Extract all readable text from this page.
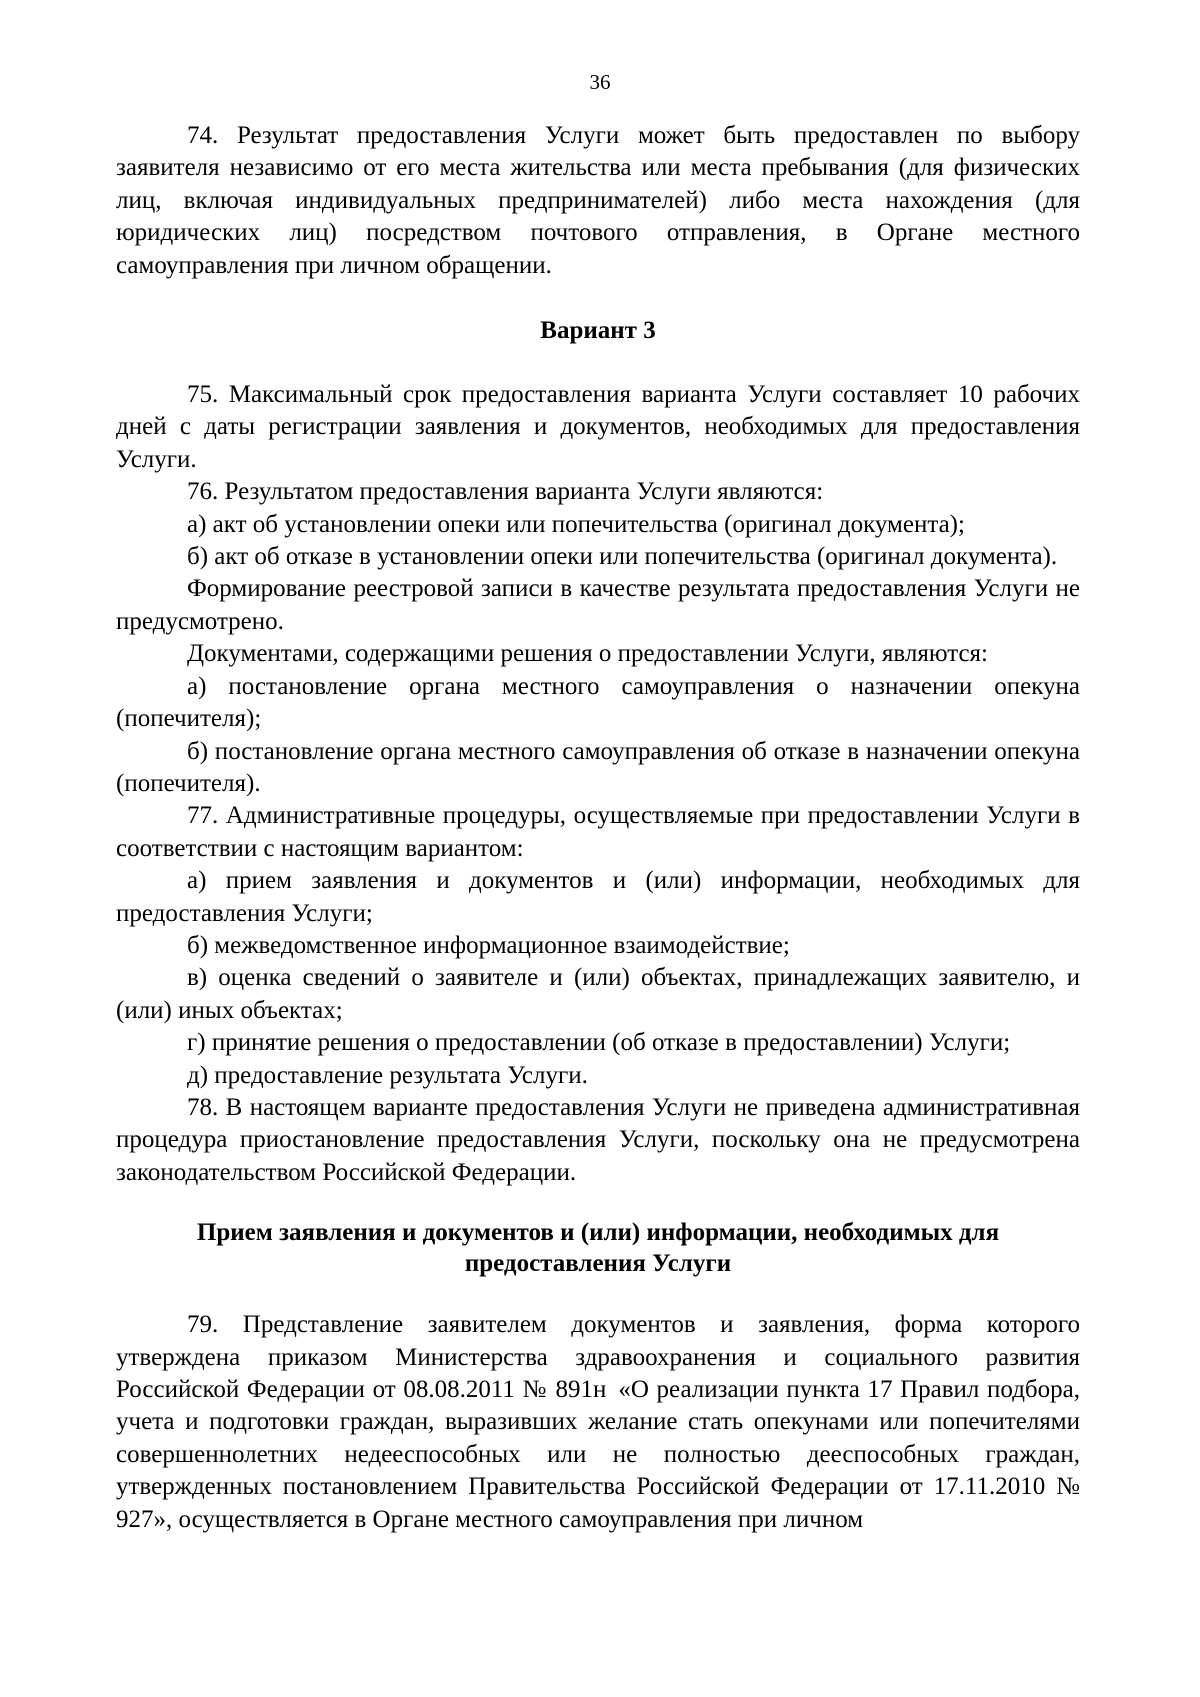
36

74. Результат предоставления Услуги может быть предоставлен по выбору заявителя независимо от его места жительства или места пребывания (для физических лиц, включая индивидуальных предпринимателей) либо места нахождения (для юридических лиц) посредством почтового отправления, в Органе местного самоуправления при личном обращении.

Вариант 3

75. Максимальный срок предоставления варианта Услуги составляет 10 рабочих дней с даты регистрации заявления и документов, необходимых для предоставления Услуги.

76. Результатом предоставления варианта Услуги являются:

а) акт об установлении опеки или попечительства (оригинал документа);

б) акт об отказе в установлении опеки или попечительства (оригинал документа).

Формирование реестровой записи в качестве результата предоставления Услуги не предусмотрено.

Документами, содержащими решения о предоставлении Услуги, являются:

а) постановление органа местного самоуправления о назначении опекуна (попечителя);

б) постановление органа местного самоуправления об отказе в назначении опекуна (попечителя).

77. Административные процедуры, осуществляемые при предоставлении Услуги в соответствии с настоящим вариантом:

а) прием заявления и документов и (или) информации, необходимых для предоставления Услуги;

б) межведомственное информационное взаимодействие;

в) оценка сведений о заявителе и (или) объектах, принадлежащих заявителю, и (или) иных объектах;

г) принятие решения о предоставлении (об отказе в предоставлении) Услуги;

д) предоставление результата Услуги.

78. В настоящем варианте предоставления Услуги не приведена административная процедура приостановление предоставления Услуги, поскольку она не предусмотрена законодательством Российской Федерации.

Прием заявления и документов и (или) информации, необходимых для
предоставления Услуги

79. Представление заявителем документов и заявления, форма которого утверждена приказом Министерства здравоохранения и социального развития Российской Федерации от 08.08.2011 № 891н «О реализации пункта 17 Правил подбора, учета и подготовки граждан, выразивших желание стать опекунами или попечителями совершеннолетних недееспособных или не полностью дееспособных граждан, утвержденных постановлением Правительства Российской Федерации от 17.11.2010 № 927», осуществляется в Органе местного самоуправления при личном
